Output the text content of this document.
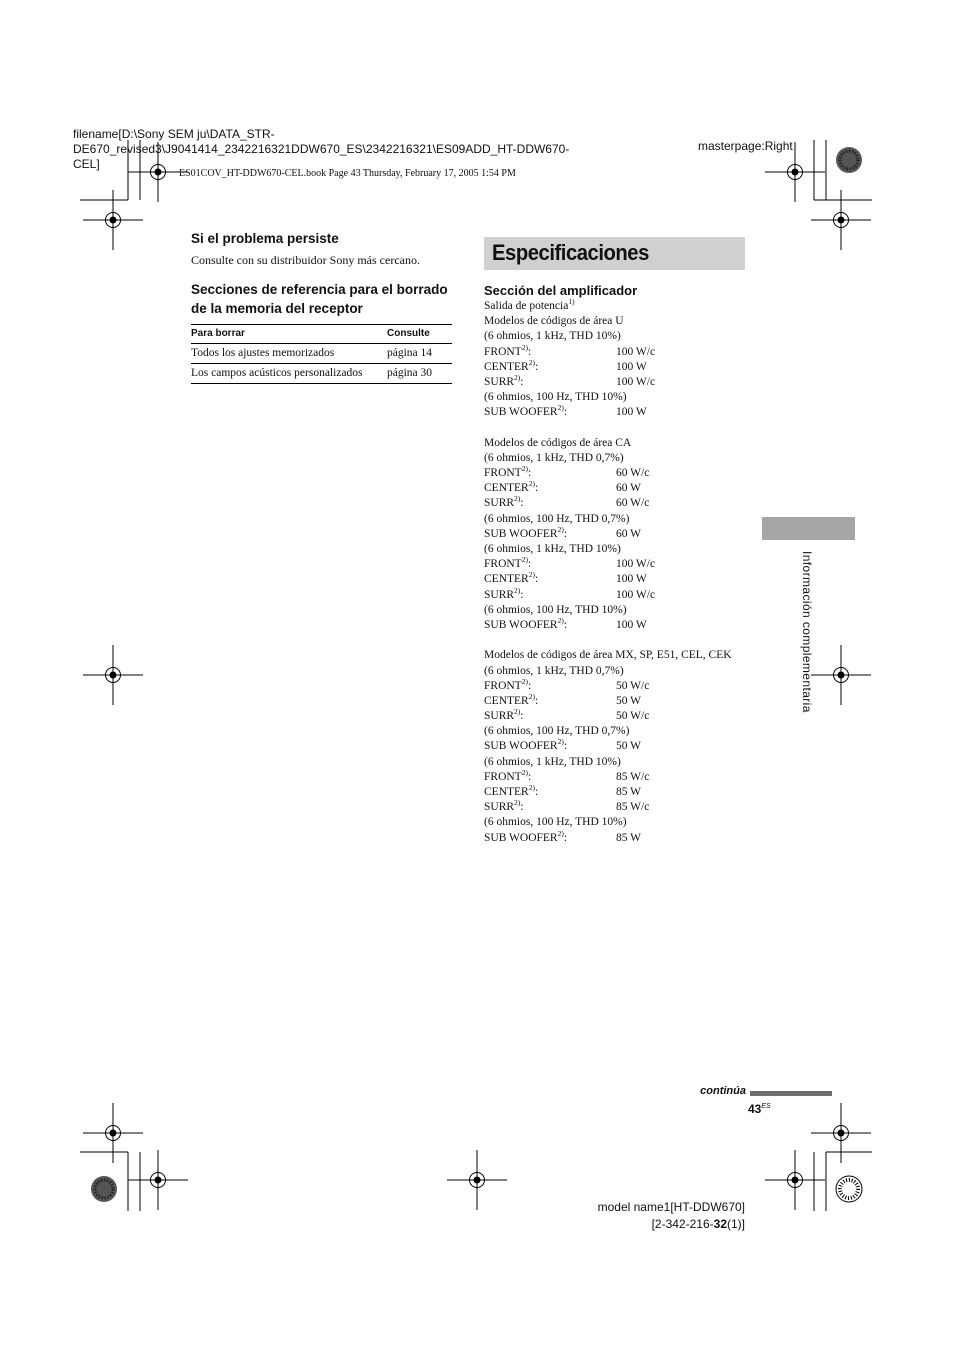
filename[D:\Sony SEM ju\DATA_STR-
DE670_revised3\J9041414_2342216321DDW670_ES\2342216321\ES09ADD_HT-DDW670-
CEL]
masterpage:Right
ES01COV_HT-DDW670-CEL.book Page 43 Thursday, February 17, 2005 1:54 PM
Si el problema persiste
Consulte con su distribuidor Sony más cercano.
Secciones de referencia para el borrado de la memoria del receptor
Para borrar	Consulte
Todos los ajustes memorizados	página 14
Los campos acústicos personalizados	página 30
Especificaciones
Sección del amplificador
Salida de potencia$^{1)}$
Modelos de códigos de área U
(6 ohmios, 1 kHz, THD 10%)
FRONT$^{2)}$:	100 W/c
CENTER$^{2)}$:	100 W
SURR$^{2)}$:	100 W/c
(6 ohmios, 100 Hz, THD 10%)
SUB WOOFER$^{2)}$:	100 W
Modelos de códigos de área CA
(6 ohmios, 1 kHz, THD 0,7%)
FRONT$^{2)}$:	60 W/c
CENTER$^{2)}$:	60 W
SURR$^{2)}$:	60 W/c
(6 ohmios, 100 Hz, THD 0,7%)
SUB WOOFER$^{2)}$:	60 W
(6 ohmios, 1 kHz, THD 10%)
FRONT$^{2)}$:	100 W/c
CENTER$^{2)}$:	100 W
SURR$^{2)}$:	100 W/c
(6 ohmios, 100 Hz, THD 10%)
SUB WOOFER$^{2)}$:	100 W
Modelos de códigos de área MX, SP, E51, CEL, CEK
(6 ohmios, 1 kHz, THD 0,7%)
FRONT$^{2)}$:	50 W/c
CENTER$^{2)}$:	50 W
SURR$^{2)}$:	50 W/c
(6 ohmios, 100 Hz, THD 0,7%)
SUB WOOFER$^{2)}$:	50 W
(6 ohmios, 1 kHz, THD 10%)
FRONT$^{2)}$:	85 W/c
CENTER$^{2)}$:	85 W
SURR$^{2)}$:	85 W/c
(6 ohmios, 100 Hz, THD 10%)
SUB WOOFER$^{2)}$:	85 W
Información complementaria
continúa
$43^{ES}$
model name1[HT-DDW670]
[2-342-216-32(1)]
